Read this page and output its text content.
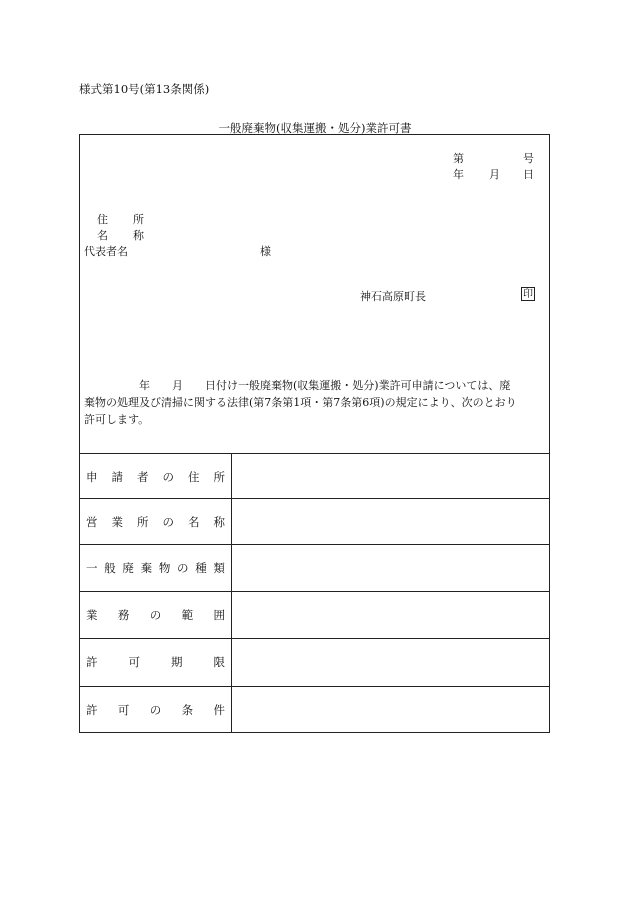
様式第10号(第13条関係)
一般廃棄物(収集運搬・処分)業許可書
第	号
年 月 日
住 所
名 称
代表者名	様
神石高原町長	印

　　　　　年　　月　　日付け一般廃棄物(収集運搬・処分)業許可申請については、廃
棄物の処理及び清掃に関する法律(第7条第1項・第7条第6項)の規定により、次のとおり
許可します。

申 請 者 の 住 所
営 業 所 の 名 称
一 般 廃 棄 物 の 種 類
業 務 の 範 囲
許	可	期	限
許 可 の 条 件
